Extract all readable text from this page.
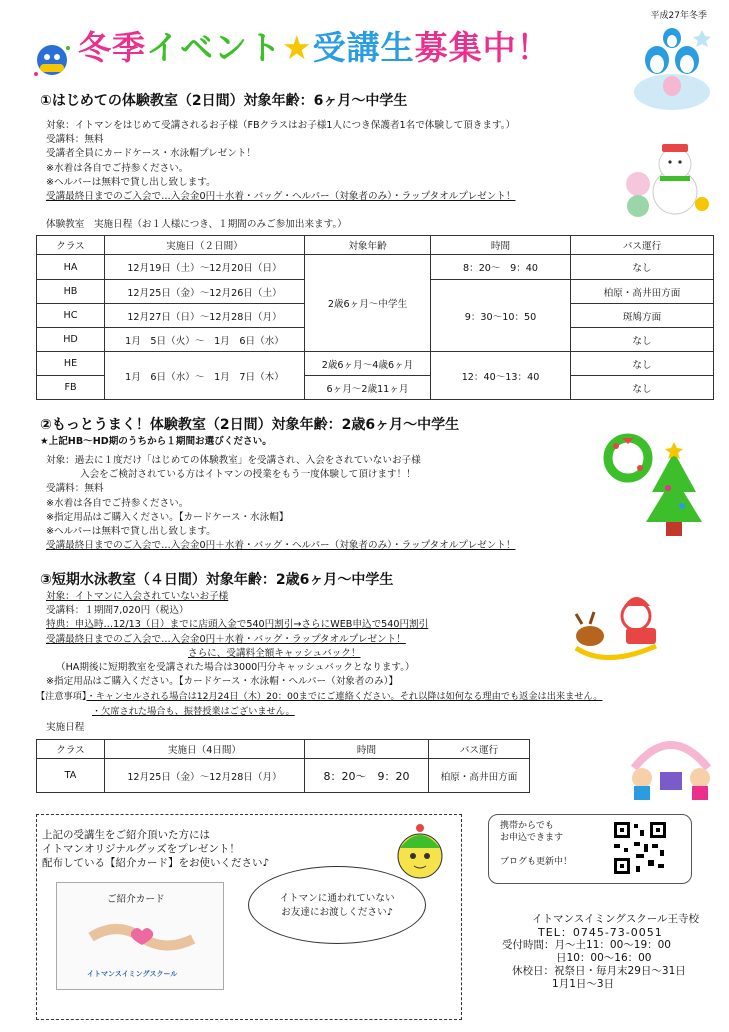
平成27年冬季
冬季イベント★受講生募集中！
①はじめての体験教室（2日間）対象年齢：6ヶ月〜中学生
対象：イトマンをはじめて受講されるお子様（FBクラスはお子様1人につき保護者1名で体験して頂きます。）
受講料：無料
受講者全員にカードケース・水泳帽プレゼント！
※水着は各自でご持参ください。
※ヘルパーは無料で貸し出し致します。
受講最終日までのご入会で…入会金0円＋水着・バッグ・ヘルパー（対象者のみ）・ラップタオルプレゼント！
体験教室　実施日程（お１人様につき、１期間のみご参加出来ます。）
クラス	実施日（２日間）	対象年齢	時間	バス運行
HA	12月19日（土）〜12月20日（日）	2歳6ヶ月〜中学生	8：20〜　9：40	なし
HB	12月25日（金）〜12月26日（土）		9：30〜10：50	柏原・高井田方面
HC	12月27日（日）〜12月28日（月）			斑鳩方面
HD	1月　5日（火）〜　1月　6日（水）			なし
HE	1月　6日（水）〜　1月　7日（木）	2歳6ヶ月〜4歳6ヶ月	12：40〜13：40	なし
FB		6ヶ月〜2歳11ヶ月		なし
②もっとうまく！体験教室（2日間）対象年齢：2歳6ヶ月〜中学生
★上記HB〜HD期のうちから１期間お選びください。
対象：過去に１度だけ「はじめての体験教室」を受講され、入会をされていないお子様
入会をご検討されている方はイトマンの授業をもう一度体験して頂けます！！
受講料：無料
※水着は各自でご持参ください。
※指定用品はご購入ください。【カードケース・水泳帽】
※ヘルパーは無料で貸し出し致します。
受講最終日までのご入会で…入会金0円＋水着・バッグ・ヘルパー（対象者のみ）・ラップタオルプレゼント！
③短期水泳教室（４日間）対象年齢：2歳6ヶ月〜中学生
対象：イトマンに入会されていないお子様
受講料：１期間7,020円（税込）
特典：申込時…12/13（日）までに店頭入金で540円割引→さらにWEB申込で540円割引
受講最終日までのご入会で…入会金0円＋水着・バッグ・ラップタオルプレゼント！
さらに、受講料全額キャッシュバック！
（HA期後に短期教室を受講された場合は3000円分キャッシュバックとなります。）
※指定用品はご購入ください。【カードケース・水泳帽・ヘルパー（対象者のみ）】
【注意事項】・キャンセルされる場合は12月24日（木）20：00までにご連絡ください。それ以降は如何なる理由でも返金は出来ません。
・欠席された場合も、振替授業はございません。
実施日程
クラス	実施日（4日間）	時間	バス運行
TA	12月25日（金）〜12月28日（月）	8：20〜　9：20	柏原・高井田方面
上記の受講生をご紹介頂いた方には
イトマンオリジナルグッズをプレゼント！
配布している【紹介カード】をお使いください♪
ご紹介カード
イトマンスイミングスクール
イトマンに通われていない
お友達にお渡しください♪
携帯からでも
お申込できます
ブログも更新中！
イトマンスイミングスクール王寺校
TEL：0745-73-0051
受付時間：月〜土11：00〜19：00
日10：00〜16：00
休校日：祝祭日・毎月末29日〜31日
1月1日〜3日
